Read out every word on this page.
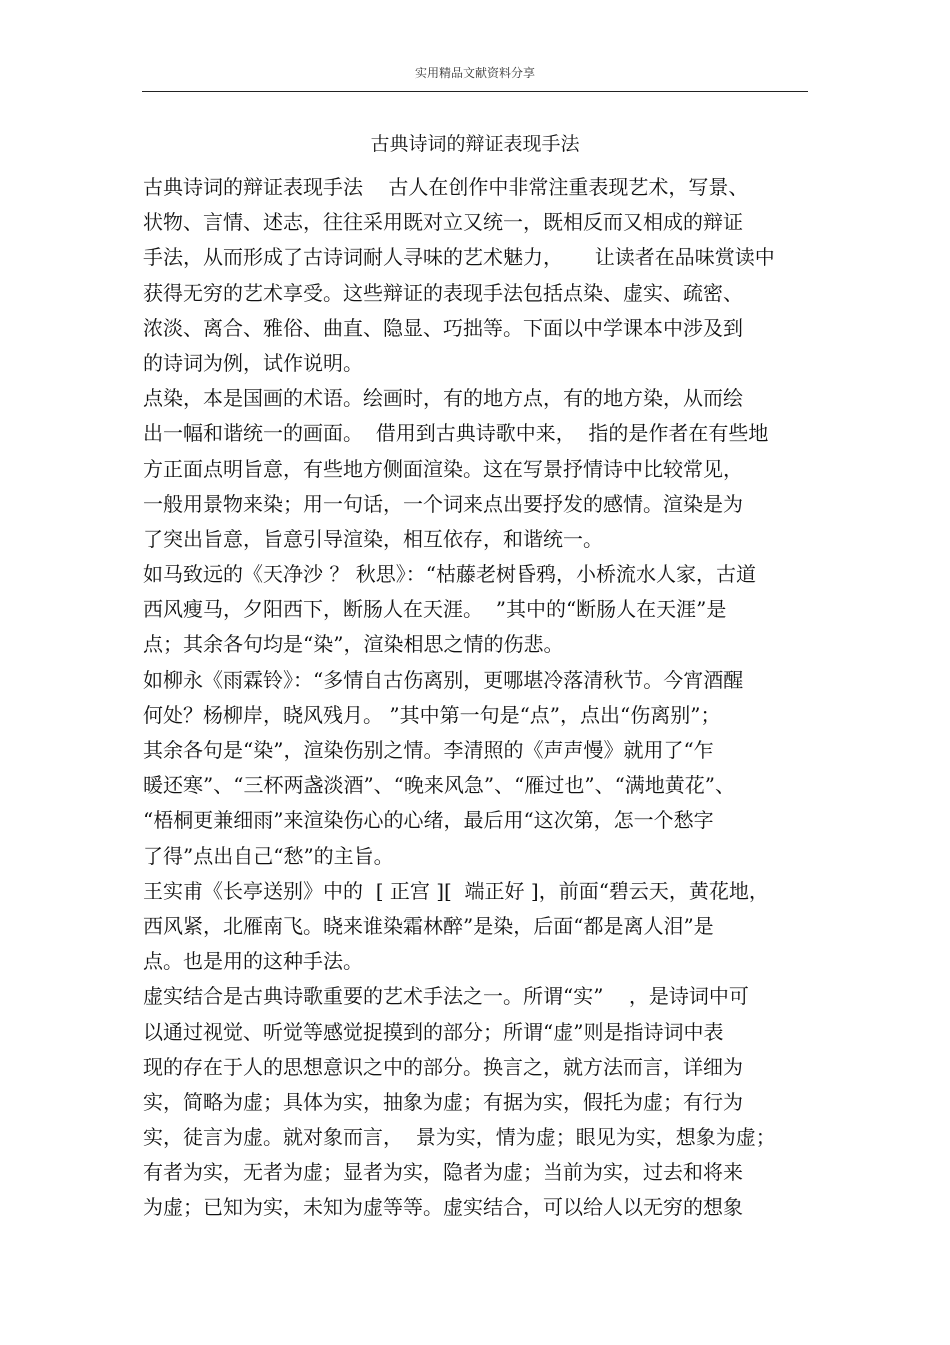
实用精品文献资料分享
古典诗词的辩证表现手法
古典诗词的辩证表现手法    古人在创作中非常注重表现艺术，写景、
状物、言情、述志，往往采用既对立又统一，既相反而又相成的辩证
手法，从而形成了古诗词耐人寻味的艺术魅力，     让读者在品味赏读中
获得无穷的艺术享受。这些辩证的表现手法包括点染、虚实、疏密、
浓淡、离合、雅俗、曲直、隐显、巧拙等。下面以中学课本中涉及到
的诗词为例，试作说明。
点染，本是国画的术语。绘画时，有的地方点，有的地方染，从而绘
出一幅和谐统一的画面。  借用到古典诗歌中来，  指的是作者在有些地
方正面点明旨意，有些地方侧面渲染。这在写景抒情诗中比较常见，
一般用景物来染；用一句话，一个词来点出要抒发的感情。渲染是为
了突出旨意，旨意引导渲染，相互依存，和谐统一。
如马致远的《天净沙 ？ 秋思》：“枯藤老树昏鸦，小桥流水人家，古道
西风瘦马，夕阳西下，断肠人在天涯。  ”其中的“断肠人在天涯”是
点；其余各句均是“染”，渲染相思之情的伤悲。
如柳永《雨霖铃》：“多情自古伤离别，更哪堪冷落清秋节。今宵酒醒
何处？杨柳岸，晓风残月。 ”其中第一句是“点”，点出“伤离别”；
其余各句是“染”，渲染伤别之情。李清照的《声声慢》就用了“乍
暖还寒”、“三杯两盏淡酒”、“晚来风急”、“雁过也”、“满地黄花”、
“梧桐更兼细雨”来渲染伤心的心绪，最后用“这次第，怎一个愁字
了得”点出自己“愁”的主旨。
王实甫《长亭送别》中的  [ 正宫 ][  端正好 ]，前面“碧云天，黄花地，
西风紧，北雁南飞。晓来谁染霜林醉”是染，后面“都是离人泪”是
点。也是用的这种手法。
虚实结合是古典诗歌重要的艺术手法之一。所谓“实”    ，是诗词中可
以通过视觉、听觉等感觉捉摸到的部分；所谓“虚”则是指诗词中表
现的存在于人的思想意识之中的部分。换言之，就方法而言，详细为
实，简略为虚；具体为实，抽象为虚；有据为实，假托为虚；有行为
实，徒言为虚。就对象而言，  景为实，情为虚；眼见为实，想象为虚；
有者为实，无者为虚；显者为实，隐者为虚；当前为实，过去和将来
为虚；已知为实，未知为虚等等。虚实结合，可以给人以无穷的想象
